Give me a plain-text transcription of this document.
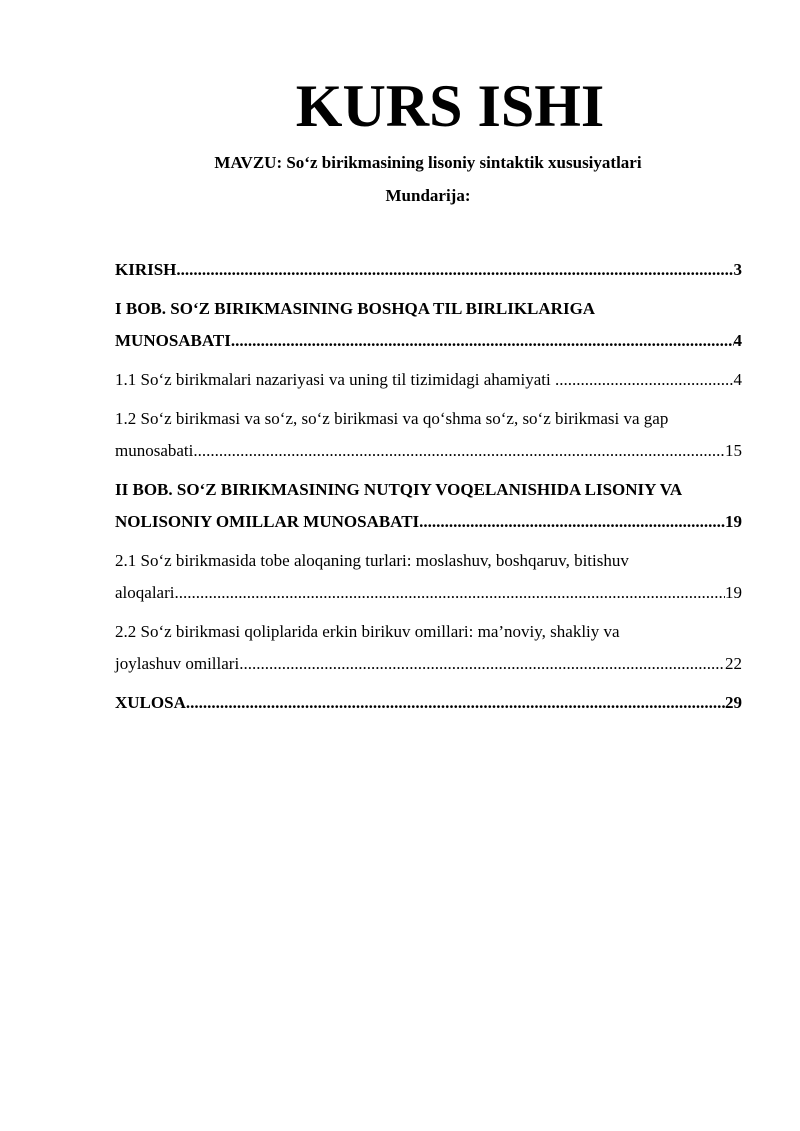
KURS ISHI

MAVZU: So‘z birikmasining lisoniy sintaktik xususiyatlari

Mundarija:

KIRISH .....	3
I BOB. SO‘Z BIRIKMASINING BOSHQA TIL BIRLIKLARIGA
MUNOSABATI .....	4
1.1 So‘z birikmalari nazariyasi va uning til tizimidagi ahamiyati .....	4
1.2 So‘z birikmasi va so‘z, so‘z birikmasi va qo‘shma so‘z, so‘z birikmasi va gap
munosabati .....	15
II BOB. SO‘Z BIRIKMASINING NUTQIY VOQELANISHIDA LISONIY VA
NOLISONIY OMILLAR MUNOSABATI .....	19
2.1 So‘z birikmasida tobe aloqaning turlari: moslashuv, boshqaruv, bitishuv
aloqalari .....	19
2.2 So‘z birikmasi qoliplarida erkin birikuv omillari: ma’noviy, shakliy va
joylashuv omillari .....	22
XULOSA .....	29
